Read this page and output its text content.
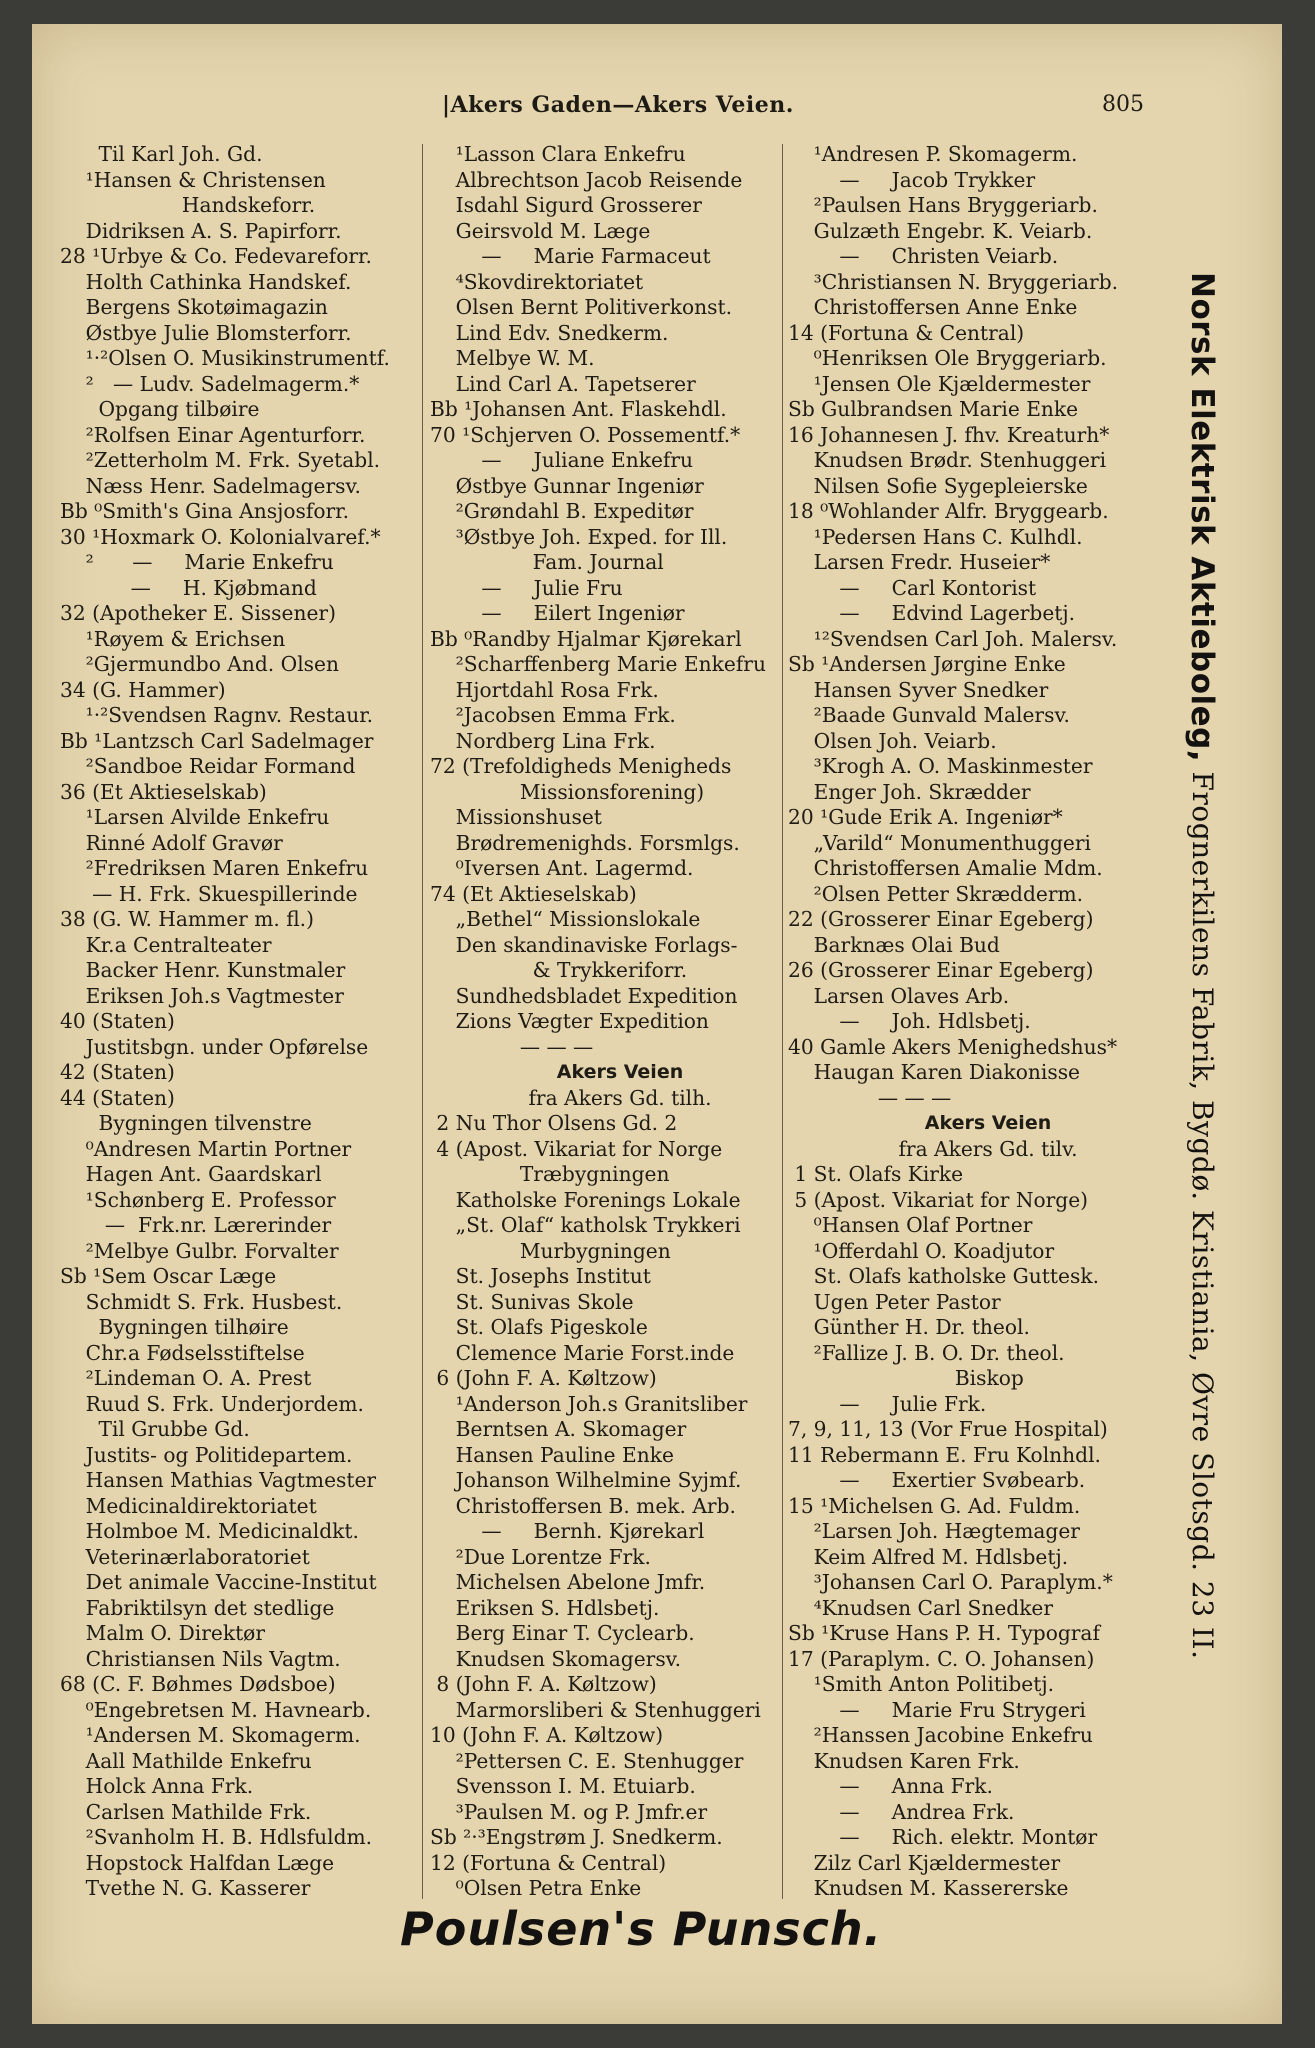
|Akers Gaden—Akers Veien.	805
Til Karl Joh. Gd.
¹Hansen & Christensen
Handskeforr.
Didriksen A. S. Papirforr.
28 ¹Urbye & Co. Fedevareforr.
Holth Cathinka Handskef.
Bergens Skotøimagazin
Østbye Julie Blomsterforr.
¹·²Olsen O. Musikinstrumentf.
²   — Ludv. Sadelmagerm.*
Opgang tilbøire
²Rolfsen Einar Agenturforr.
²Zetterholm M. Frk. Syetabl.
Næss Henr. Sadelmagersv.
Bb ⁰Smith's Gina Ansjosforr.
30 ¹Hoxmark O. Kolonialvaref.*
²      —     Marie Enkefru
—     H. Kjøbmand
32 (Apotheker E. Sissener)
¹Røyem & Erichsen
²Gjermundbo And. Olsen
34 (G. Hammer)
¹·²Svendsen Ragnv. Restaur.
Bb ¹Lantzsch Carl Sadelmager
²Sandboe Reidar Formand
36 (Et Aktieselskab)
¹Larsen Alvilde Enkefru
Rinné Adolf Gravør
²Fredriksen Maren Enkefru
— H. Frk. Skuespillerinde
38 (G. W. Hammer m. fl.)
Kr.a Centralteater
Backer Henr. Kunstmaler
Eriksen Joh.s Vagtmester
40 (Staten)
Justitsbgn. under Opførelse
42 (Staten)
44 (Staten)
Bygningen tilvenstre
⁰Andresen Martin Portner
Hagen Ant. Gaardskarl
¹Schønberg E. Professor
—  Frk.nr. Lærerinder
²Melbye Gulbr. Forvalter
Sb ¹Sem Oscar Læge
Schmidt S. Frk. Husbest.
Bygningen tilhøire
Chr.a Fødselsstiftelse
²Lindeman O. A. Prest
Ruud S. Frk. Underjordem.
Til Grubbe Gd.
Justits- og Politidepartem.
Hansen Mathias Vagtmester
Medicinaldirektoriatet
Holmboe M. Medicinaldkt.
Veterinærlaboratoriet
Det animale Vaccine-Institut
Fabriktilsyn det stedlige
Malm O. Direktør
Christiansen Nils Vagtm.
68 (C. F. Bøhmes Dødsboe)
⁰Engebretsen M. Havnearb.
¹Andersen M. Skomagerm.
Aall Mathilde Enkefru
Holck Anna Frk.
Carlsen Mathilde Frk.
²Svanholm H. B. Hdlsfuldm.
Hopstock Halfdan Læge
Tvethe N. G. Kasserer
¹Lasson Clara Enkefru
Albrechtson Jacob Reisende
Isdahl Sigurd Grosserer
Geirsvold M. Læge
—     Marie Farmaceut
⁴Skovdirektoriatet
Olsen Bernt Politiverkonst.
Lind Edv. Snedkerm.
Melbye W. M.
Lind Carl A. Tapetserer
Bb ¹Johansen Ant. Flaskehdl.
70 ¹Schjerven O. Possementf.*
—     Juliane Enkefru
Østbye Gunnar Ingeniør
²Grøndahl B. Expeditør
³Østbye Joh. Exped. for Ill.
Fam. Journal
—     Julie Fru
—     Eilert Ingeniør
Bb ⁰Randby Hjalmar Kjørekarl
²Scharffenberg Marie Enkefru
Hjortdahl Rosa Frk.
²Jacobsen Emma Frk.
Nordberg Lina Frk.
72 (Trefoldigheds Menigheds
Missionsforening)
Missionshuset
Brødremenighds. Forsmlgs.
⁰Iversen Ant. Lagermd.
74 (Et Aktieselskab)
„Bethel“ Missionslokale
Den skandinaviske Forlags-
& Trykkeriforr.
Sundhedsbladet Expedition
Zions Vægter Expedition
— — —
Akers Veien
fra Akers Gd. tilh.
2 Nu Thor Olsens Gd. 2
4 (Apost. Vikariat for Norge
Træbygningen
Katholske Forenings Lokale
„St. Olaf“ katholsk Trykkeri
Murbygningen
St. Josephs Institut
St. Sunivas Skole
St. Olafs Pigeskole
Clemence Marie Forst.inde
6 (John F. A. Køltzow)
¹Anderson Joh.s Granitsliber
Berntsen A. Skomager
Hansen Pauline Enke
Johanson Wilhelmine Syjmf.
Christoffersen B. mek. Arb.
—     Bernh. Kjørekarl
²Due Lorentze Frk.
Michelsen Abelone Jmfr.
Eriksen S. Hdlsbetj.
Berg Einar T. Cyclearb.
Knudsen Skomagersv.
8 (John F. A. Køltzow)
Marmorsliberi & Stenhuggeri
10 (John F. A. Køltzow)
²Pettersen C. E. Stenhugger
Svensson I. M. Etuiarb.
³Paulsen M. og P. Jmfr.er
Sb ²·³Engstrøm J. Snedkerm.
12 (Fortuna & Central)
⁰Olsen Petra Enke
¹Andresen P. Skomagerm.
—     Jacob Trykker
²Paulsen Hans Bryggeriarb.
Gulzæth Engebr. K. Veiarb.
—     Christen Veiarb.
³Christiansen N. Bryggeriarb.
Christoffersen Anne Enke
14 (Fortuna & Central)
⁰Henriksen Ole Bryggeriarb.
¹Jensen Ole Kjældermester
Sb Gulbrandsen Marie Enke
16 Johannesen J. fhv. Kreaturh*
Knudsen Brødr. Stenhuggeri
Nilsen Sofie Sygepleierske
18 ⁰Wohlander Alfr. Bryggearb.
¹Pedersen Hans C. Kulhdl.
Larsen Fredr. Huseier*
—     Carl Kontorist
—     Edvind Lagerbetj.
¹²Svendsen Carl Joh. Malersv.
Sb ¹Andersen Jørgine Enke
Hansen Syver Snedker
²Baade Gunvald Malersv.
Olsen Joh. Veiarb.
³Krogh A. O. Maskinmester
Enger Joh. Skrædder
20 ¹Gude Erik A. Ingeniør*
„Varild“ Monumenthuggeri
Christoffersen Amalie Mdm.
²Olsen Petter Skrædderm.
22 (Grosserer Einar Egeberg)
Barknæs Olai Bud
26 (Grosserer Einar Egeberg)
Larsen Olaves Arb.
—     Joh. Hdlsbetj.
40 Gamle Akers Menighedshus*
Haugan Karen Diakonisse
— — —
Akers Veien
fra Akers Gd. tilv.
1 St. Olafs Kirke
5 (Apost. Vikariat for Norge)
⁰Hansen Olaf Portner
¹Offerdahl O. Koadjutor
St. Olafs katholske Guttesk.
Ugen Peter Pastor
Günther H. Dr. theol.
²Fallize J. B. O. Dr. theol.
Biskop
—     Julie Frk.
7, 9, 11, 13 (Vor Frue Hospital)
11 Rebermann E. Fru Kolnhdl.
—     Exertier Svøbearb.
15 ¹Michelsen G. Ad. Fuldm.
²Larsen Joh. Hægtemager
Keim Alfred M. Hdlsbetj.
³Johansen Carl O. Paraplym.*
⁴Knudsen Carl Snedker
Sb ¹Kruse Hans P. H. Typograf
17 (Paraplym. C. O. Johansen)
¹Smith Anton Politibetj.
—     Marie Fru Strygeri
²Hanssen Jacobine Enkefru
Knudsen Karen Frk.
—     Anna Frk.
—     Andrea Frk.
—     Rich. elektr. Montør
Zilz Carl Kjældermester
Knudsen M. Kassererske
Norsk Elektrisk Aktieboleg, Frognerkilens Fabrik, Bygdø. Kristiania, Øvre Slotsgd. 23 II.
Poulsen's Punsch.
